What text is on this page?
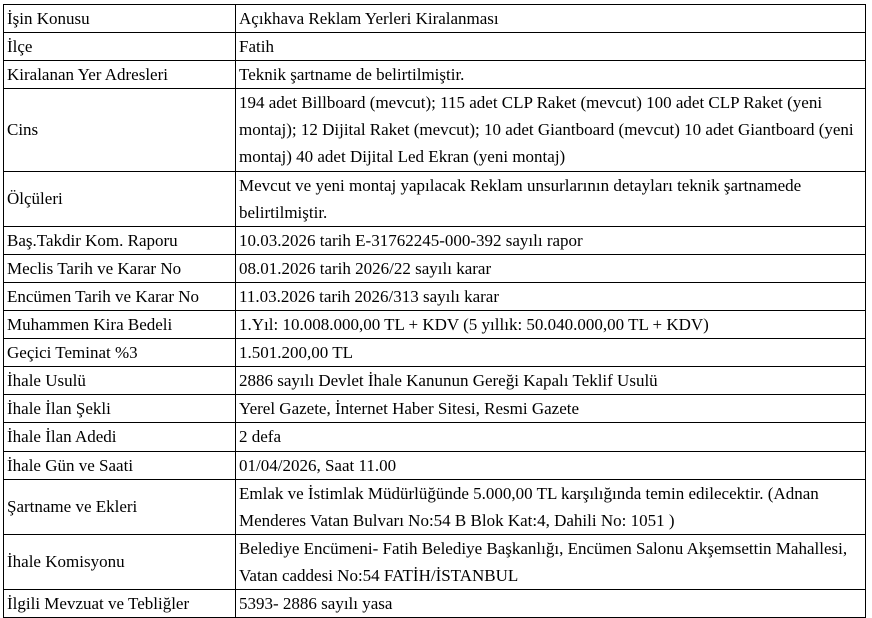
İşin Konusu	Açıkhava Reklam Yerleri Kiralanması
İlçe	Fatih
Kiralanan Yer Adresleri	Teknik şartname de belirtilmiştir.
Cins	194 adet Billboard (mevcut); 115 adet CLP Raket (mevcut) 100 adet CLP Raket (yeni montaj); 12 Dijital Raket (mevcut); 10 adet Giantboard (mevcut) 10 adet Giantboard (yeni montaj) 40 adet Dijital Led Ekran (yeni montaj)
Ölçüleri	Mevcut ve yeni montaj yapılacak Reklam unsurlarının detayları teknik şartnamede belirtilmiştir.
Baş.Takdir Kom. Raporu	10.03.2026 tarih E-31762245-000-392 sayılı rapor
Meclis Tarih ve Karar No	08.01.2026 tarih 2026/22 sayılı karar
Encümen Tarih ve Karar No	11.03.2026 tarih 2026/313 sayılı karar
Muhammen Kira Bedeli	1.Yıl: 10.008.000,00 TL + KDV (5 yıllık: 50.040.000,00 TL + KDV)
Geçici Teminat %3	1.501.200,00 TL
İhale Usulü	2886 sayılı Devlet İhale Kanunun Gereği Kapalı Teklif Usulü
İhale İlan Şekli	Yerel Gazete, İnternet Haber Sitesi, Resmi Gazete
İhale İlan Adedi	2 defa
İhale Gün ve Saati	01/04/2026, Saat 11.00
Şartname ve Ekleri	Emlak ve İstimlak Müdürlüğünde 5.000,00 TL karşılığında temin edilecektir. (Adnan Menderes Vatan Bulvarı No:54 B Blok Kat:4, Dahili No: 1051 )
İhale Komisyonu	Belediye Encümeni- Fatih Belediye Başkanlığı, Encümen Salonu Akşemsettin Mahallesi, Vatan caddesi No:54 FATİH/İSTANBUL
İlgili Mevzuat ve Tebliğler	5393- 2886 sayılı yasa
